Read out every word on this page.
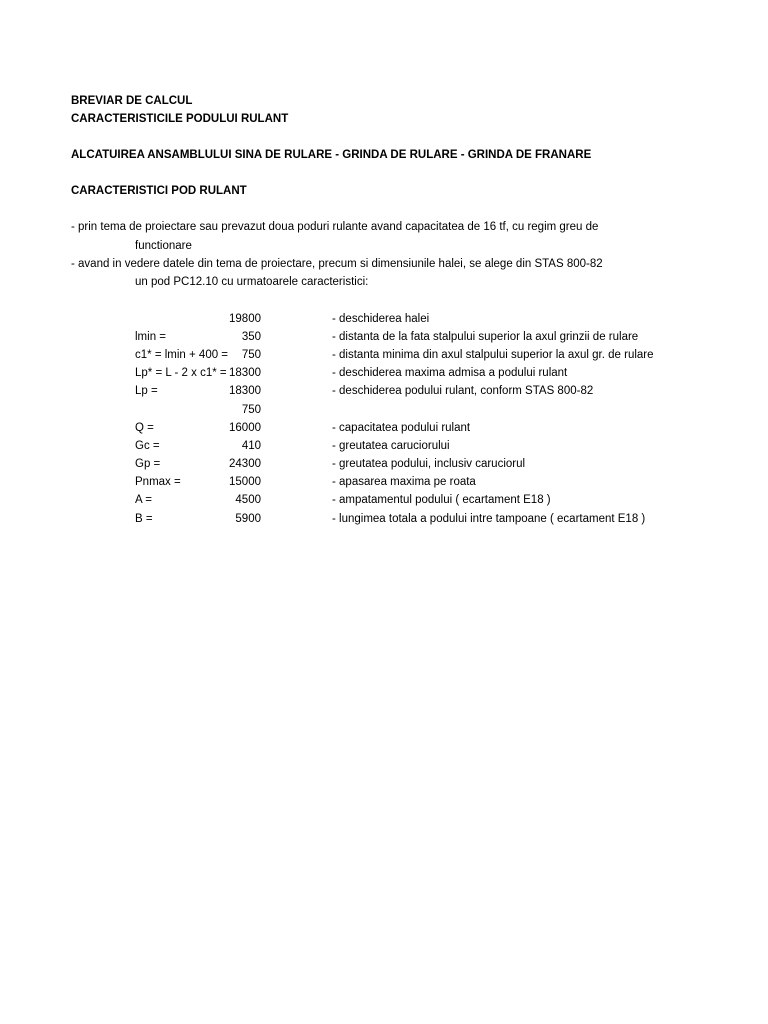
BREVIAR DE CALCUL
CARACTERISTICILE PODULUI RULANT
ALCATUIREA ANSAMBLULUI SINA DE RULARE - GRINDA DE RULARE - GRINDA DE FRANARE
CARACTERISTICI POD RULANT
- prin tema de proiectare sau prevazut doua poduri rulante avand capacitatea de 16 tf, cu regim greu de
functionare
- avand in vedere datele din tema de proiectare, precum si dimensiunile halei, se alege din STAS 800-82
un pod PC12.10 cu urmatoarele caracteristici:
19800	- deschiderea halei
lmin =	350	- distanta de la fata stalpului superior la axul grinzii de rulare
c1* = lmin + 400 =	750	- distanta minima din axul stalpului superior la axul gr. de rulare
Lp* = L - 2 x c1* = 18300	- deschiderea maxima admisa a podului rulant
Lp =	18300	- deschiderea podului rulant, conform STAS 800-82
750
Q =	16000	- capacitatea podului rulant
Gc =	410	- greutatea caruciorului
Gp =	24300	- greutatea podului, inclusiv caruciorul
Pnmax =	15000	- apasarea maxima pe roata
A =	4500	- ampatamentul podului ( ecartament E18 )
B =	5900	- lungimea totala a podului intre tampoane ( ecartament E18 )
